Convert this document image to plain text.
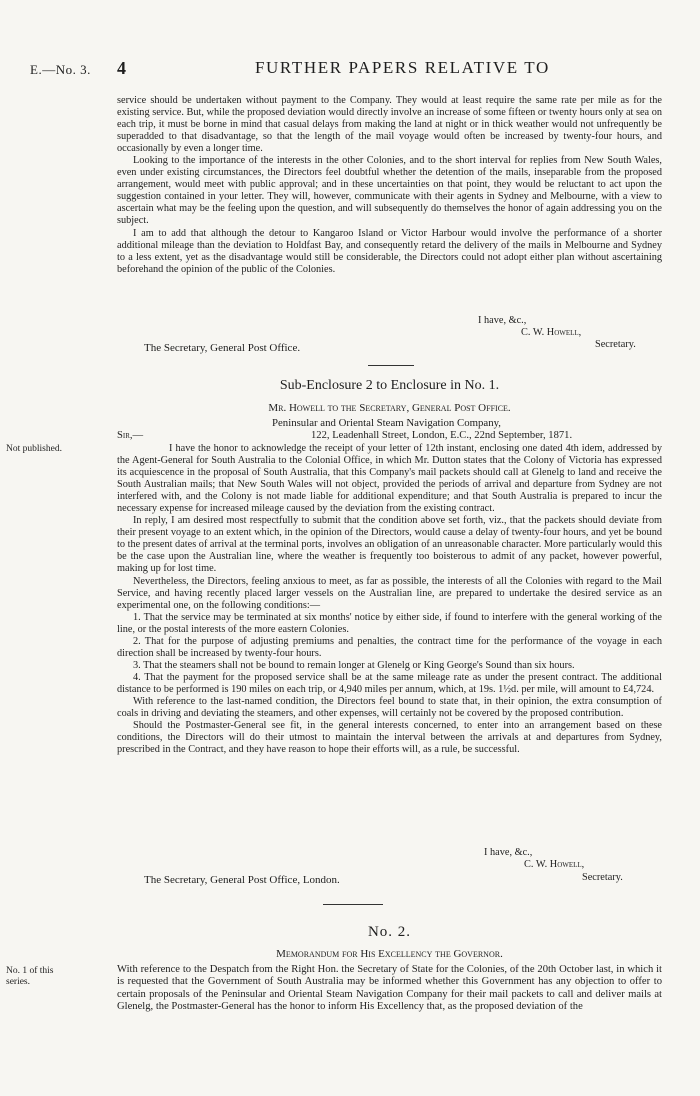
E.—No. 3. 4	FURTHER PAPERS RELATIVE TO

service should be undertaken without payment to the Company. They would at least require the same rate per mile as for the existing service. But, while the proposed deviation would directly involve an increase of some fifteen or twenty hours only at sea on each trip, it must be borne in mind that casual delays from making the land at night or in thick weather would not unfrequently be superadded to that disadvantage, so that the length of the mail voyage would often be increased by twenty-four hours, and occasionally by even a longer time.

Looking to the importance of the interests in the other Colonies, and to the short interval for replies from New South Wales, even under existing circumstances, the Directors feel doubtful whether the detention of the mails, inseparable from the proposed arrangement, would meet with public approval; and in these uncertainties on that point, they would be reluctant to act upon the suggestion contained in your letter. They will, however, communicate with their agents in Sydney and Melbourne, with a view to ascertain what may be the feeling upon the question, and will subsequently do themselves the honor of again addressing you on the subject.

I am to add that although the detour to Kangaroo Island or Victor Harbour would involve the performance of a shorter additional mileage than the deviation to Holdfast Bay, and consequently retard the delivery of the mails in Melbourne and Sydney to a less extent, yet as the disadvantage would still be considerable, the Directors could not adopt either plan without ascertaining beforehand the opinion of the public of the Colonies.

I have, &c.,
C. W. Howell,
Secretary.
The Secretary, General Post Office.
Sub-Enclosure 2 to Enclosure in No. 1.
Mr. Howell to the Secretary, General Post Office.
Peninsular and Oriental Steam Navigation Company,
122, Leadenhall Street, London, E.C., 22nd September, 1871.
Sir,—
Not published.	I have the honor to acknowledge the receipt of your letter of 12th instant, enclosing one dated 4th idem, addressed by the Agent-General for South Australia to the Colonial Office, in which Mr. Dutton states that the Colony of Victoria has expressed its acquiescence in the proposal of South Australia, that this Company's mail packets should call at Glenelg to land and receive the South Australian mails; that New South Wales will not object, provided the periods of arrival and departure from Sydney are not interfered with, and the Colony is not made liable for additional expenditure; and that South Australia is prepared to incur the necessary expense for increased mileage caused by the deviation from the existing contract.

In reply, I am desired most respectfully to submit that the condition above set forth, viz., that the packets should deviate from their present voyage to an extent which, in the opinion of the Directors, would cause a delay of twenty-four hours, and yet be bound to the present dates of arrival at the terminal ports, involves an obligation of an unreasonable character. More particularly would this be the case upon the Australian line, where the weather is frequently too boisterous to admit of any packet, however powerful, making up for lost time.

Nevertheless, the Directors, feeling anxious to meet, as far as possible, the interests of all the Colonies with regard to the Mail Service, and having recently placed larger vessels on the Australian line, are prepared to undertake the desired service as an experimental one, on the following conditions:—

1. That the service may be terminated at six months' notice by either side, if found to interfere with the general working of the line, or the postal interests of the more eastern Colonies.

2. That for the purpose of adjusting premiums and penalties, the contract time for the performance of the voyage in each direction shall be increased by twenty-four hours.

3. That the steamers shall not be bound to remain longer at Glenelg or King George's Sound than six hours.

4. That the payment for the proposed service shall be at the same mileage rate as under the present contract. The additional distance to be performed is 190 miles on each trip, or 4,940 miles per annum, which, at 19s. 1½d. per mile, will amount to £4,724.

With reference to the last-named condition, the Directors feel bound to state that, in their opinion, the extra consumption of coals in driving and deviating the steamers, and other expenses, will certainly not be covered by the proposed contribution.

Should the Postmaster-General see fit, in the general interests concerned, to enter into an arrangement based on these conditions, the Directors will do their utmost to maintain the interval between the arrivals at and departures from Sydney, prescribed in the Contract, and they have reason to hope their efforts will, as a rule, be successful.

I have, &c.,
C. W. Howell,
Secretary.
The Secretary, General Post Office, London.
No. 2.
Memorandum for His Excellency the Governor.
No. 1 of this series.

With reference to the Despatch from the Right Hon. the Secretary of State for the Colonies, of the 20th October last, in which it is requested that the Government of South Australia may be informed whether this Government has any objection to offer to certain proposals of the Peninsular and Oriental Steam Navigation Company for their mail packets to call and deliver mails at Glenelg, the Postmaster-General has the honor to inform His Excellency that, as the proposed deviation of the
